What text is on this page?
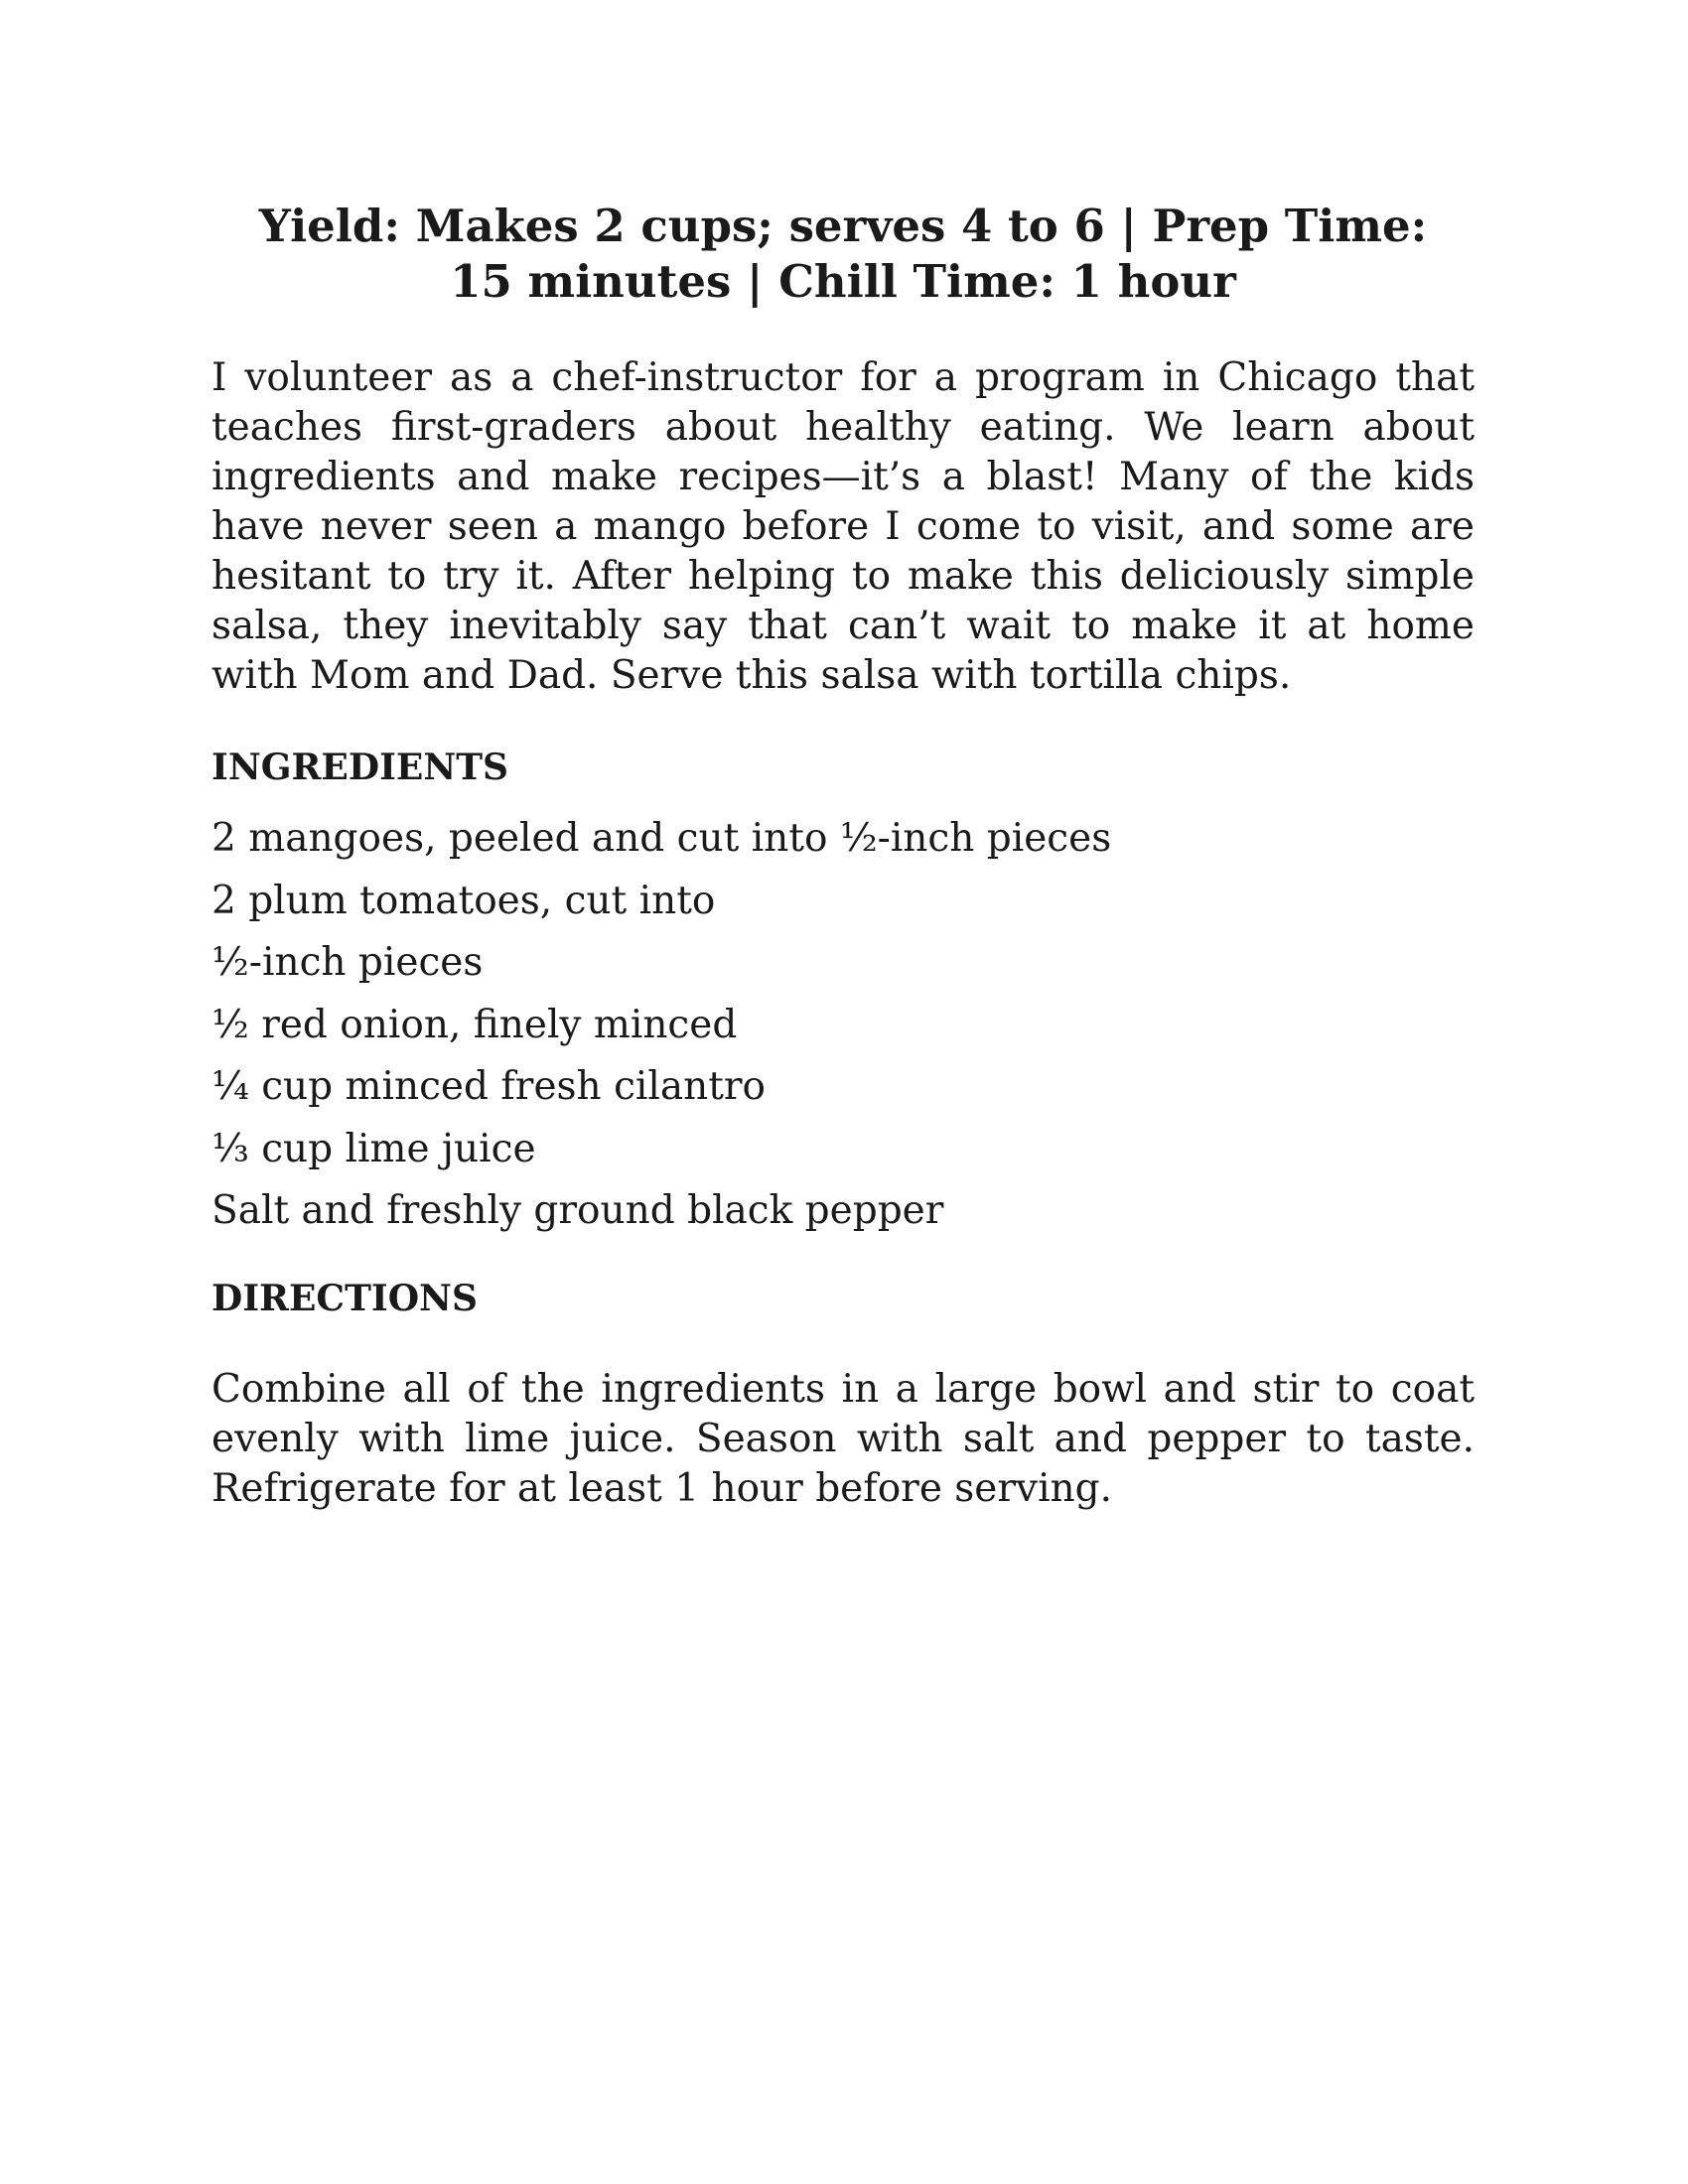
Yield: Makes 2 cups; serves 4 to 6 | Prep Time: 15 minutes | Chill Time: 1 hour

I volunteer as a chef-instructor for a program in Chicago that teaches first-graders about healthy eating. We learn about ingredients and make recipes—it’s a blast! Many of the kids have never seen a mango before I come to visit, and some are hesitant to try it. After helping to make this deliciously simple salsa, they inevitably say that can’t wait to make it at home with Mom and Dad. Serve this salsa with tortilla chips.

INGREDIENTS
2 mangoes, peeled and cut into ½-inch pieces
2 plum tomatoes, cut into
½-inch pieces
½ red onion, finely minced
¼ cup minced fresh cilantro
⅓ cup lime juice
Salt and freshly ground black pepper
DIRECTIONS

Combine all of the ingredients in a large bowl and stir to coat evenly with lime juice. Season with salt and pepper to taste. Refrigerate for at least 1 hour before serving.
